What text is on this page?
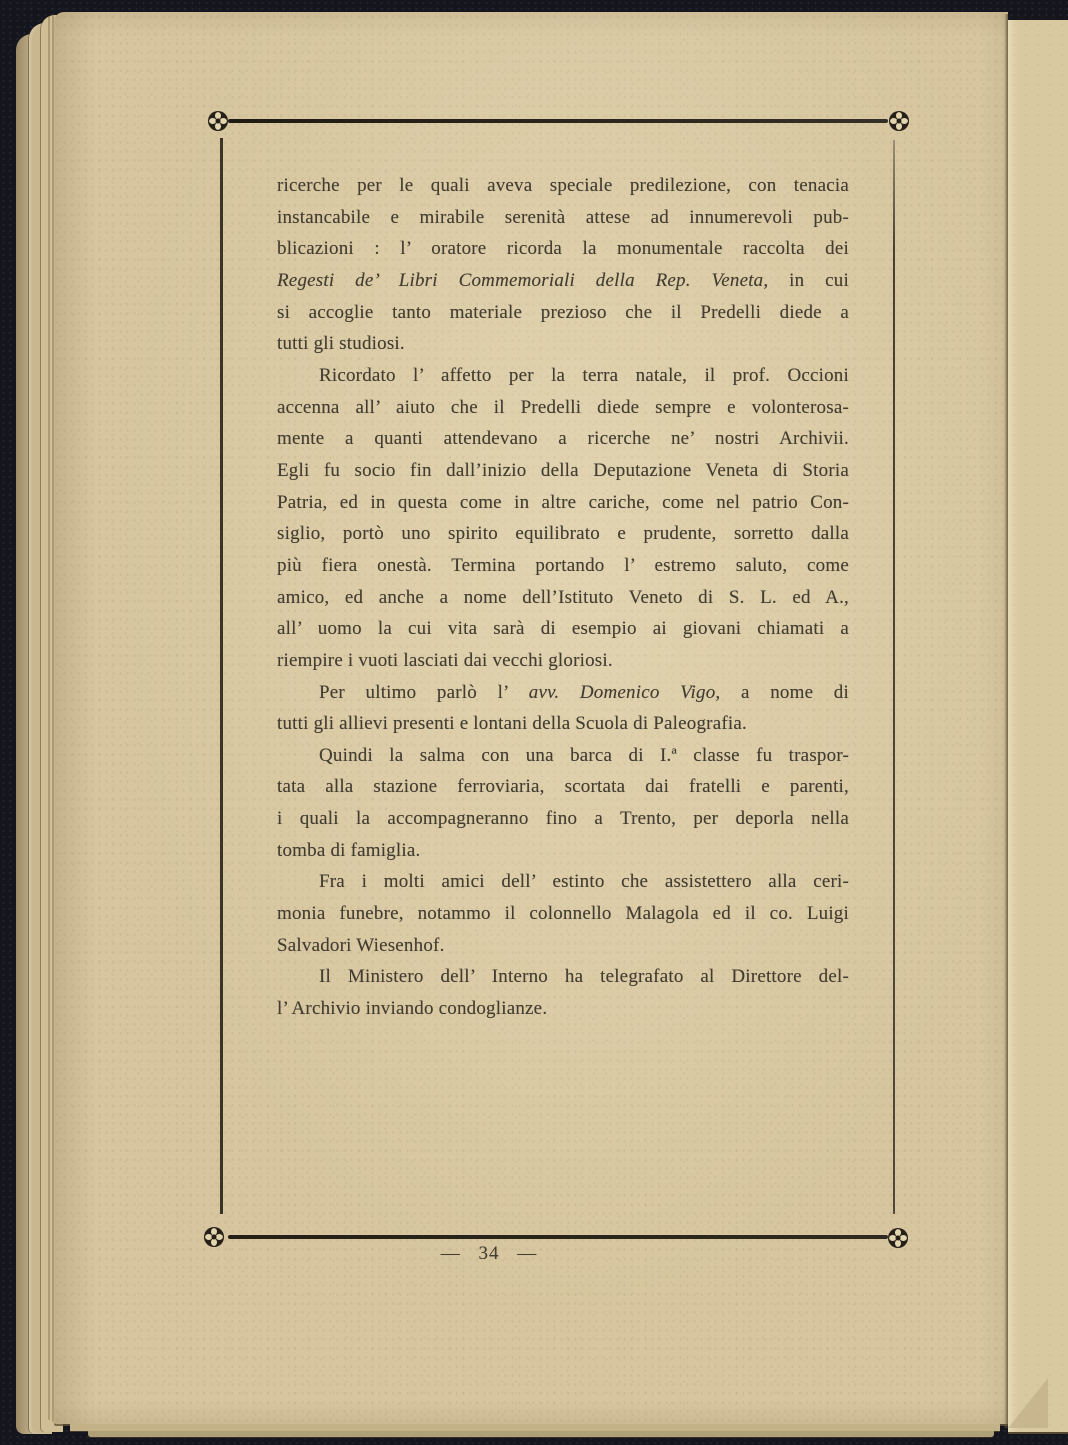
ricerche per le quali aveva speciale predilezione, con tenacia
instancabile e mirabile serenità attese ad innumerevoli pub-
blicazioni : l’ oratore ricorda la monumentale raccolta dei
Regesti de’ Libri Commemoriali della Rep. Veneta, in cui
si accoglie tanto materiale prezioso che il Predelli diede a
tutti gli studiosi.
Ricordato l’ affetto per la terra natale, il prof. Occioni
accenna all’ aiuto che il Predelli diede sempre e volonterosa-
mente a quanti attendevano a ricerche ne’ nostri Archivii.
Egli fu socio fin dall’inizio della Deputazione Veneta di Storia
Patria, ed in questa come in altre cariche, come nel patrio Con-
siglio, portò uno spirito equilibrato e prudente, sorretto dalla
più fiera onestà. Termina portando l’ estremo saluto, come
amico, ed anche a nome dell’Istituto Veneto di S. L. ed A.,
all’ uomo la cui vita sarà di esempio ai giovani chiamati a
riempire i vuoti lasciati dai vecchi gloriosi.
Per ultimo parlò l’ avv. Domenico Vigo, a nome di
tutti gli allievi presenti e lontani della Scuola di Paleografia.
Quindi la salma con una barca di I.ª classe fu traspor-
tata alla stazione ferroviaria, scortata dai fratelli e parenti,
i quali la accompagneranno fino a Trento, per deporla nella
tomba di famiglia.
Fra i molti amici dell’ estinto che assistettero alla ceri-
monia funebre, notammo il colonnello Malagola ed il co. Luigi
Salvadori Wiesenhof.
Il Ministero dell’ Interno ha telegrafato al Direttore del-
l’ Archivio inviando condoglianze.
— 34 —
